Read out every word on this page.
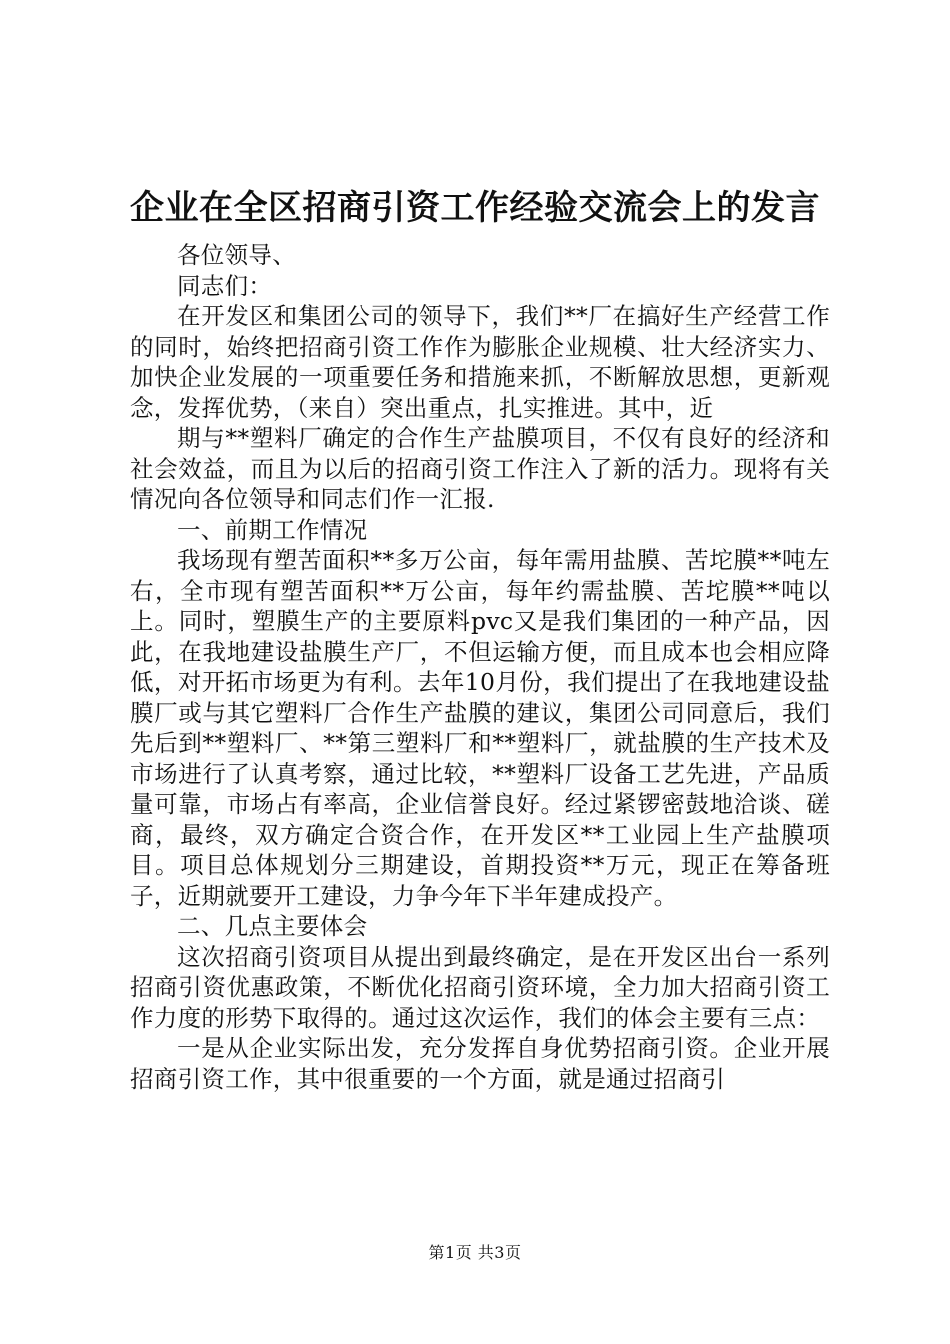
企业在全区招商引资工作经验交流会上的发言

各位领导、

同志们：

在开发区和集团公司的领导下，我们**厂在搞好生产经营工作的同时，始终把招商引资工作作为膨胀企业规模、壮大经济实力、加快企业发展的一项重要任务和措施来抓，不断解放思想，更新观念，发挥优势，（来自）突出重点，扎实推进。其中，近

期与**塑料厂确定的合作生产盐膜项目，不仅有良好的经济和社会效益，而且为以后的招商引资工作注入了新的活力。现将有关情况向各位领导和同志们作一汇报.

一、前期工作情况

我场现有塑苦面积**多万公亩，每年需用盐膜、苦坨膜**吨左右，全市现有塑苦面积**万公亩，每年约需盐膜、苦坨膜**吨以上。同时，塑膜生产的主要原料pvc又是我们集团的一种产品，因此，在我地建设盐膜生产厂，不但运输方便，而且成本也会相应降低，对开拓市场更为有利。去年10月份，我们提出了在我地建设盐膜厂或与其它塑料厂合作生产盐膜的建议，集团公司同意后，我们先后到**塑料厂、**第三塑料厂和**塑料厂，就盐膜的生产技术及市场进行了认真考察，通过比较，**塑料厂设备工艺先进，产品质量可靠，市场占有率高，企业信誉良好。经过紧锣密鼓地洽谈、磋商，最终，双方确定合资合作，在开发区**工业园上生产盐膜项目。项目总体规划分三期建设，首期投资**万元，现正在筹备班子，近期就要开工建设，力争今年下半年建成投产。

二、几点主要体会

这次招商引资项目从提出到最终确定，是在开发区出台一系列招商引资优惠政策，不断优化招商引资环境，全力加大招商引资工作力度的形势下取得的。通过这次运作，我们的体会主要有三点：

一是从企业实际出发，充分发挥自身优势招商引资。企业开展招商引资工作，其中很重要的一个方面，就是通过招商引

第1页 共3页
